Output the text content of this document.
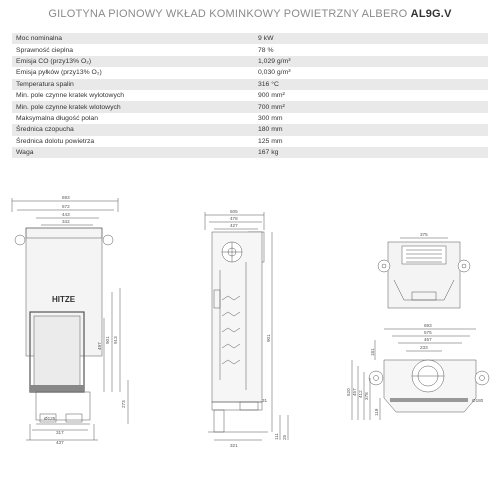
GILOTYNA PIONOWY WKŁAD KOMINKOWY POWIETRZNY ALBERO AL9G.V
Moc nominalna	9 kW
Sprawność cieplna	78 %
Emisja CO (przy13% O₂)	1,029 g/m³
Emisja pyłków (przy13% O₂)	0,030 g/m³
Temperatura spalin	316 °C
Min. pole czynne kratek wylotowych	900 mm²
Min. pole czynne kratek wlotowych	700 mm²
Maksymalna długość polan	300 mm
Średnica czopucha	180 mm
Średnica dolotu powietrza	125 mm
Waga	167 kg
HITZE
693
672
443
342
497
901 913
273
Ø125
317
437
505
478
427
901
31
321
111 25
375
693
575
467
233
181
520 457 412 378
119
Ø180
